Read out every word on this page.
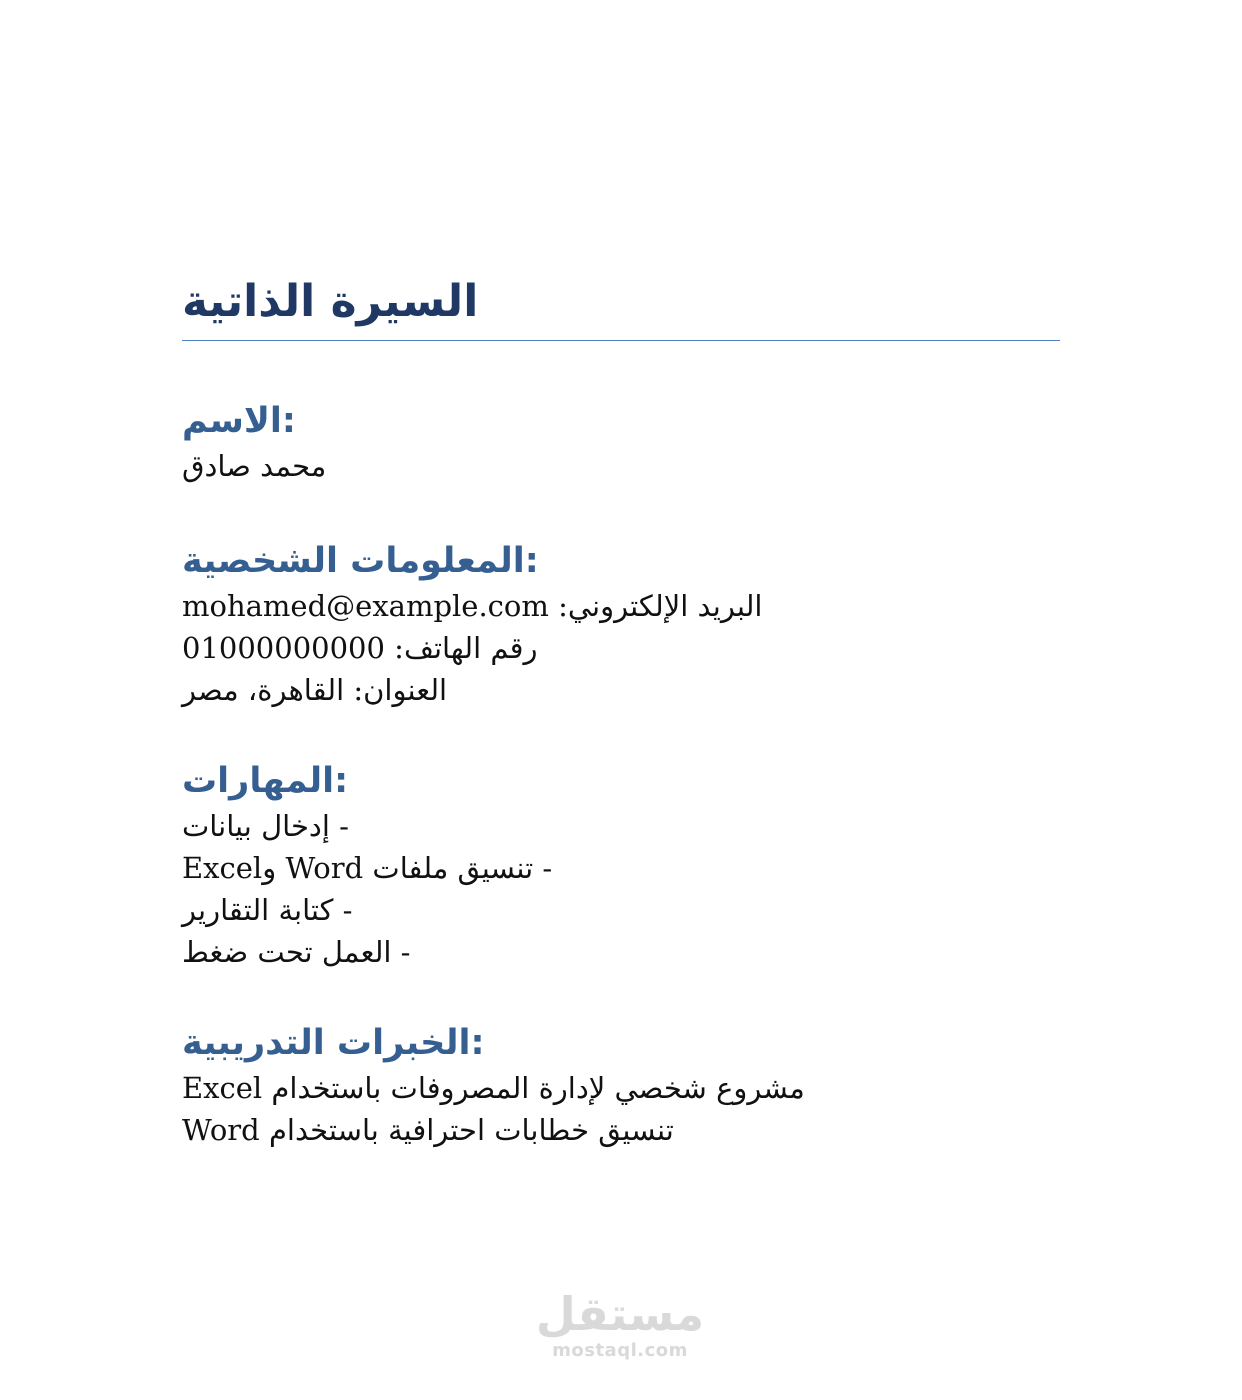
السيرة الذاتية
:الاسم

محمد صادق

:المعلومات الشخصية

البريد الإلكتروني: mohamed@example.com

رقم الهاتف: 01000000000

العنوان: القاهرة، مصر

:المهارات

- إدخال بيانات

- تنسيق ملفات Word وExcel

- كتابة التقارير

- العمل تحت ضغط

:الخبرات التدريبية

مشروع شخصي لإدارة المصروفات باستخدام Excel

تنسيق خطابات احترافية باستخدام Word

مستقل
mostaql.com
